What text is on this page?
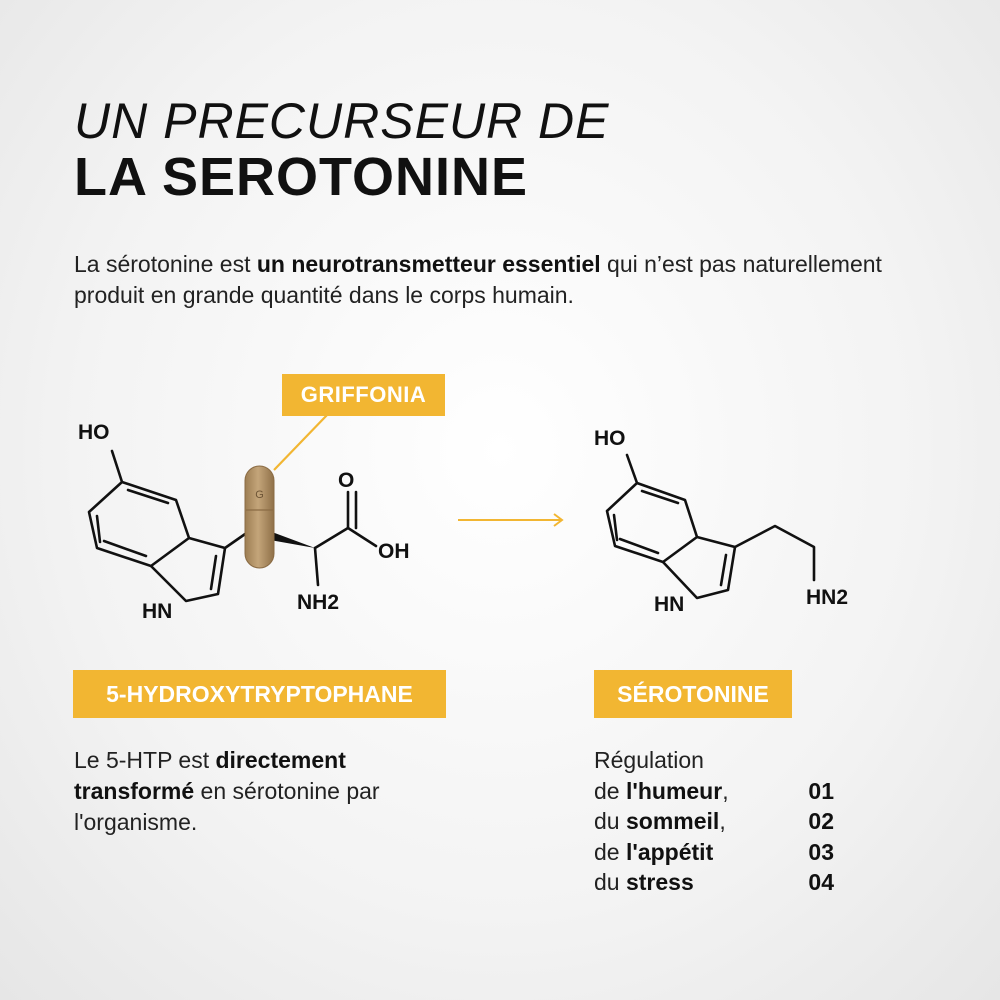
UN PRECURSEUR DE
LA SEROTONINE
La sérotonine est un neurotransmetteur essentiel qui n’est pas naturellement produit en grande quantité dans le corps humain.
G
HO
HN	NH2
O
OH
HO
HN	HN2
GRIFFONIA
5-HYDROXYTRYPTOPHANE	SÉROTONINE
Le 5-HTP est directement transformé en sérotonine par l'organisme.
Régulation
de l'humeur,	01
du sommeil,	02
de l'appétit	03
du stress	04
